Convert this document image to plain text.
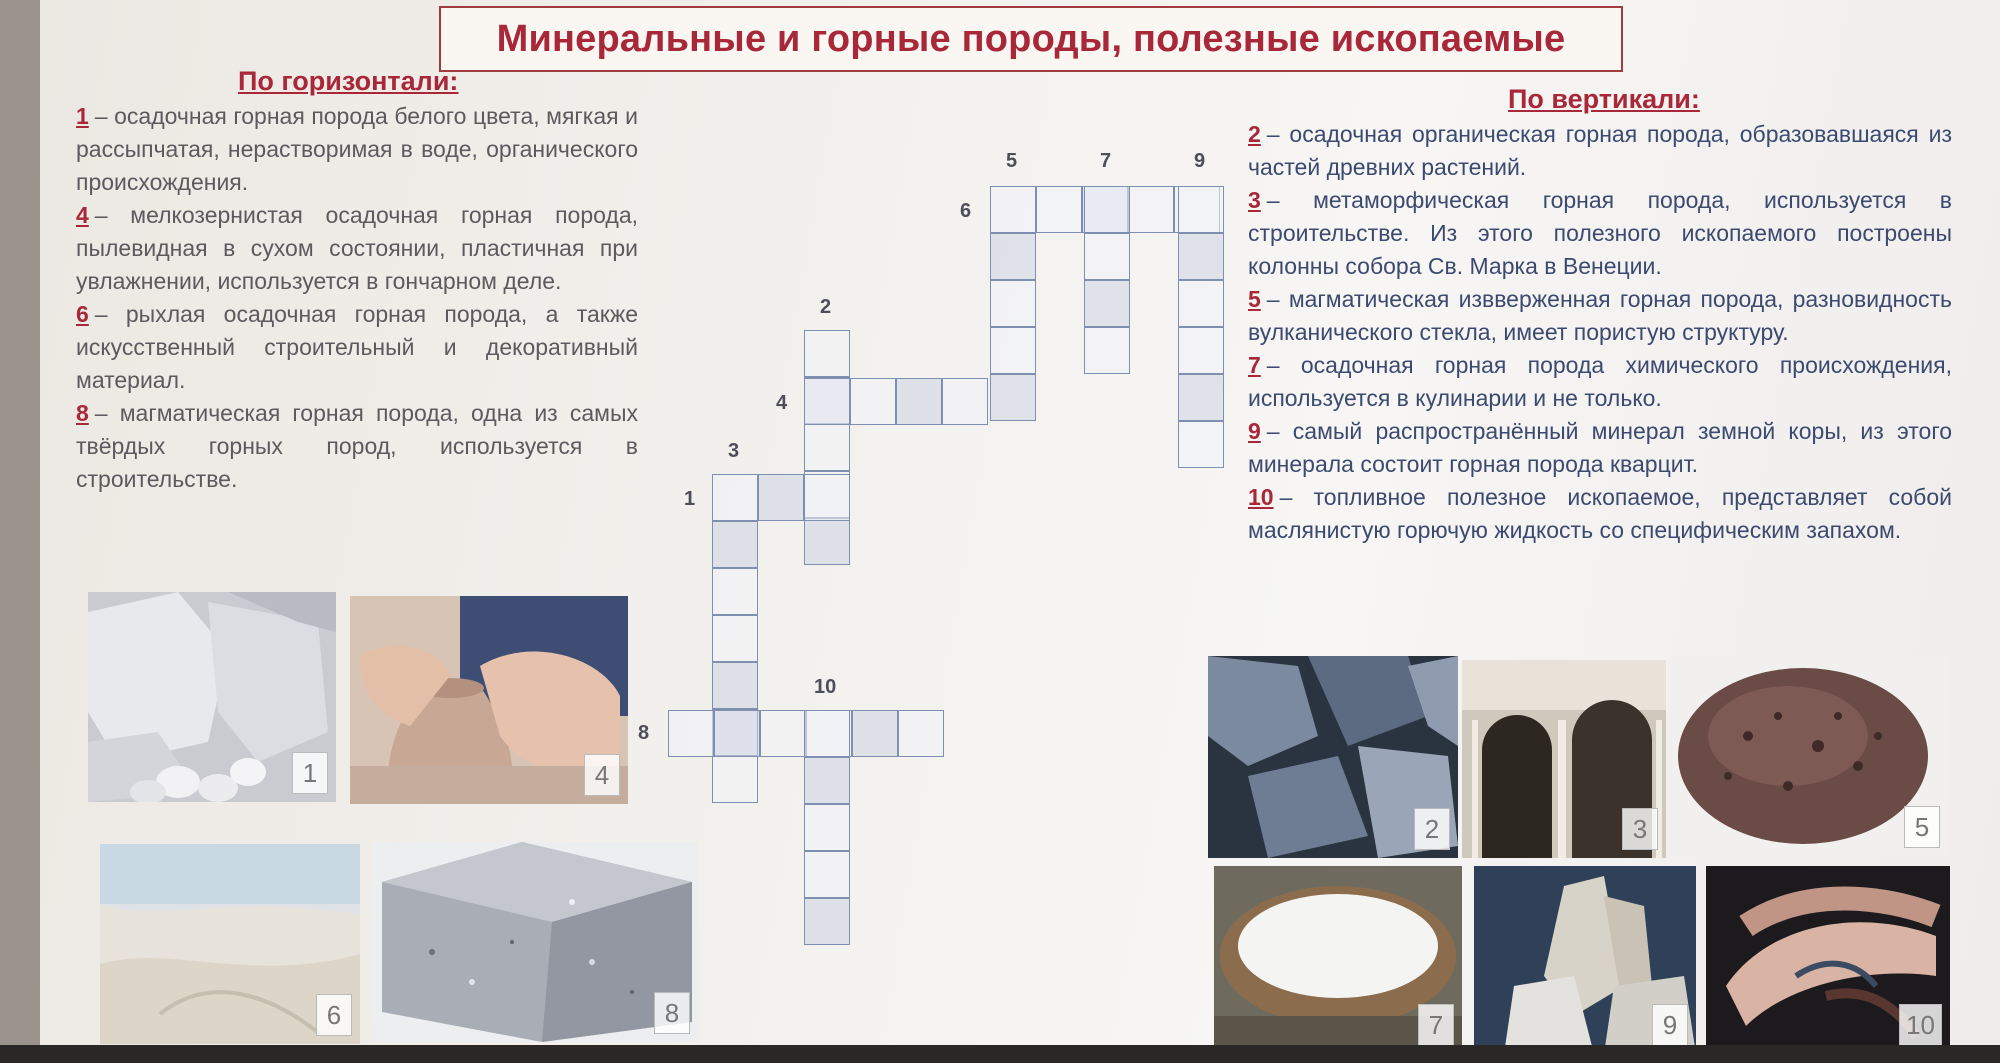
Минеральные и горные породы, полезные ископаемые
По горизонтали:

1 – осадочная горная порода белого цвета, мягкая и рассыпчатая, нерастворимая в воде, органического происхождения.

4 – мелкозернистая осадочная горная порода, пылевидная в сухом состоянии, пластичная при увлажнении, используется в гончарном деле.

6 – рыхлая осадочная горная порода, а также искусственный строительный и декоративный материал.

8 – магматическая горная порода, одна из самых твёрдых горных пород, используется в строительстве.

По вертикали:

2 – осадочная органическая горная порода, образовавшаяся из частей древних растений.

3 – метаморфическая горная порода, используется в строительстве. Из этого полезного ископаемого построены колонны собора Св. Марка в Венеции.

5 – магматическая извверженная горная порода, разновидность вулканического стекла, имеет пористую структуру.

7 – осадочная горная порода химического происхождения, используется в кулинарии и не только.

9 – самый распространённый минерал земной коры, из этого минерала состоит горная порода кварцит.

10 – топливное полезное ископаемое, представляет собой маслянистую горючую жидкость со специфическим запахом.

5	7	9
6
2
4
3
1
8
10
1	4
6	8
2	3	5
7	9	10
